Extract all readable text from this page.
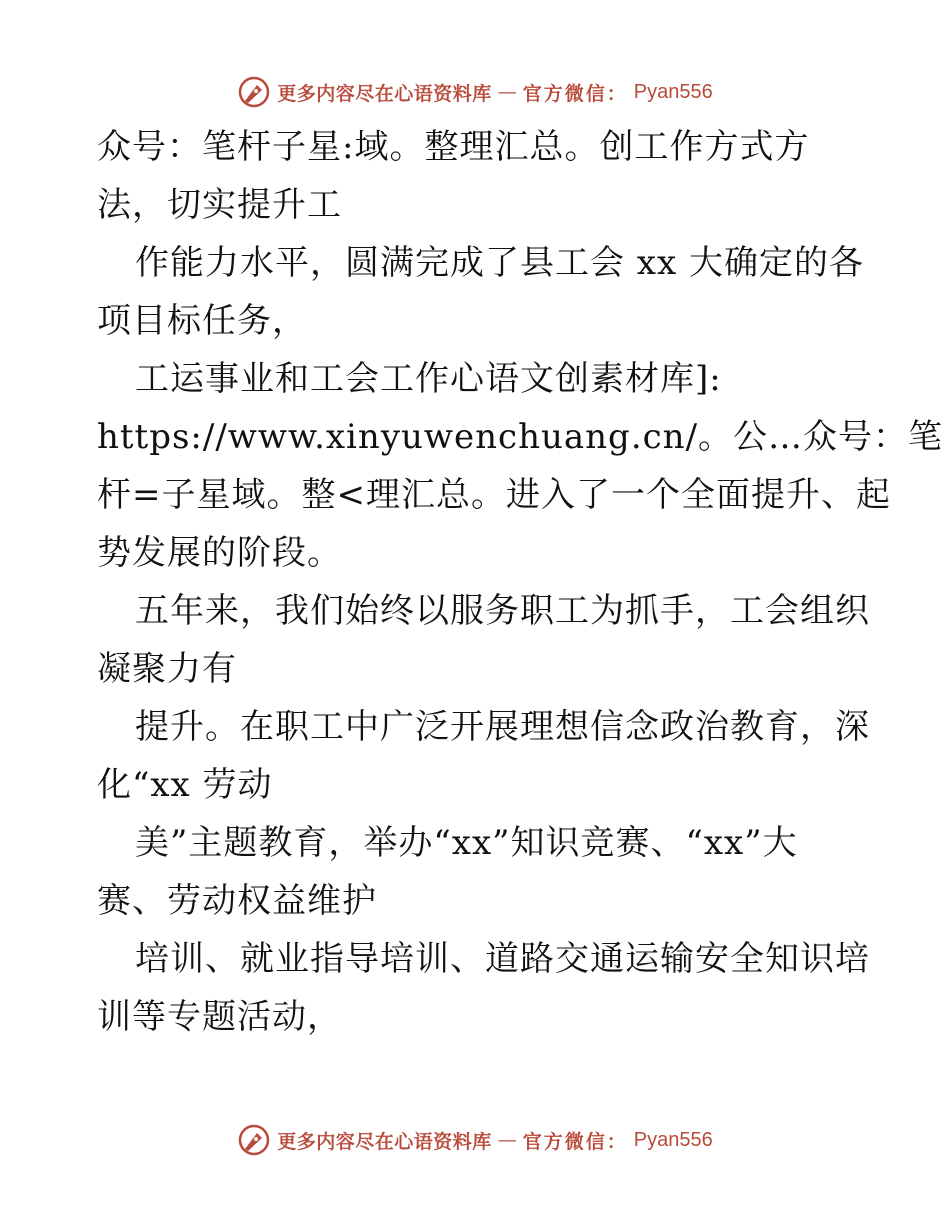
更多内容尽在心语资料库 — 官方微信： Pyan556
众号：笔杆子星:域。整理汇总。创工作方式方
法，切实提升工
作能力水平，圆满完成了县工会 xx 大确定的各
项目标任务，
工运事业和工会工作心语文创素材库]:
https://www.xinyuwenchuang.cn/。公…众号：笔
杆=子星域。整<理汇总。进入了一个全面提升、起
势发展的阶段。
五年来，我们始终以服务职工为抓手，工会组织
凝聚力有
提升。在职工中广泛开展理想信念政治教育，深
化“xx 劳动
美”主题教育，举办“xx”知识竞赛、“xx”大
赛、劳动权益维护
培训、就业指导培训、道路交通运输安全知识培
训等专题活动，
更多内容尽在心语资料库 — 官方微信： Pyan556
